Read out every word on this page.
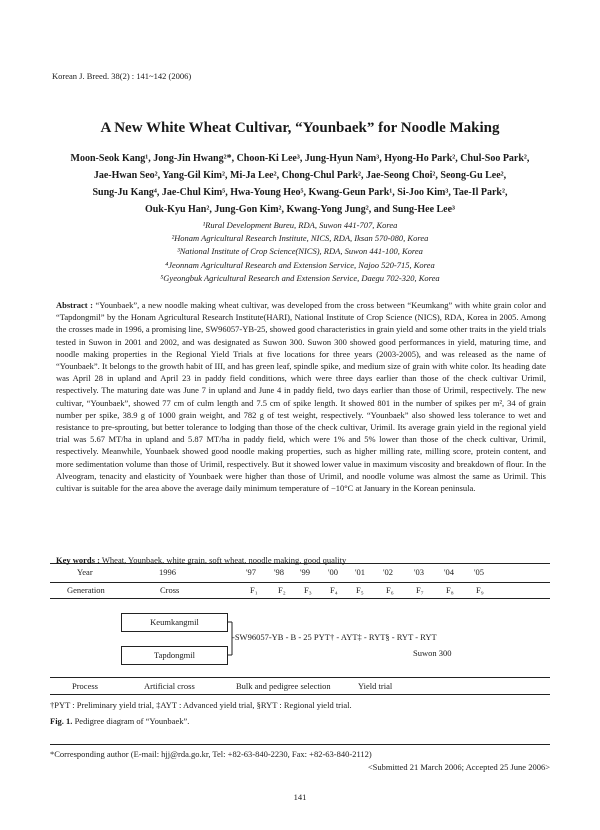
Korean J. Breed. 38(2) : 141~142 (2006)
A New White Wheat Cultivar, “Younbaek” for Noodle Making
Moon-Seok Kang¹, Jong-Jin Hwang²*, Choon-Ki Lee³, Jung-Hyun Nam³, Hyong-Ho Park², Chul-Soo Park²,
Jae-Hwan Seo², Yang-Gil Kim², Mi-Ja Lee², Chong-Chul Park², Jae-Seong Choi², Seong-Gu Lee²,
Sung-Ju Kang⁴, Jae-Chul Kim⁵, Hwa-Young Heo⁵, Kwang-Geun Park¹, Si-Joo Kim³, Tae-Il Park²,
Ouk-Kyu Han², Jung-Gon Kim², Kwang-Yong Jung², and Sung-Hee Lee³
¹Rural Development Bureu, RDA, Suwon 441-707, Korea
²Honam Agricultural Research Institute, NICS, RDA, Iksan 570-080, Korea
³National Institute of Crop Science(NICS), RDA, Suwon 441-100, Korea
⁴Jeonnam Agricultural Research and Extension Service, Najoo 520-715, Korea
⁵Gyeongbuk Agricultural Research and Extension Service, Daegu 702-320, Korea
Abstract : “Younbaek”, a new noodle making wheat cultivar, was developed from the cross between “Keumkang” with white grain color and “Tapdongmil” by the Honam Agricultural Research Institute(HARI), National Institute of Crop Science (NICS), RDA, Korea in 2005. Among the crosses made in 1996, a promising line, SW96057-YB-25, showed good characteristics in grain yield and some other traits in the yield trials tested in Suwon in 2001 and 2002, and was designated as Suwon 300. Suwon 300 showed good performances in yield, maturing time, and noodle making properties in the Regional Yield Trials at five locations for three years (2003-2005), and was released as the name of “Younbaek”. It belongs to the growth habit of III, and has green leaf, spindle spike, and medium size of grain with white color. Its heading date was April 28 in upland and April 23 in paddy field conditions, which were three days earlier than those of the check cultivar Urimil, respectively. The maturing date was June 7 in upland and June 4 in paddy field, two days earlier than those of Urimil, respectively. The new cultivar, “Younbaek”, showed 77 cm of culm length and 7.5 cm of spike length. It showed 801 in the number of spikes per m², 34 of grain number per spike, 38.9 g of 1000 grain weight, and 782 g of test weight, respectively. “Younbaek” also showed less tolerance to wet and resistance to pre-sprouting, but better tolerance to lodging than those of the check cultivar, Urimil. Its average grain yield in the regional yield trial was 5.67 MT/ha in upland and 5.87 MT/ha in paddy field, which were 1% and 5% lower than those of the check cultivar, Urimil, respectively. Meanwhile, Younbaek showed good noodle making properties, such as higher milling rate, milling score, protein content, and more sedimentation volume than those of Urimil, respectively. But it showed lower value in maximum viscosity and breakdown of flour. In the Alveogram, tenacity and elasticity of Younbaek were higher than those of Urimil, and noodle volume was almost the same as Urimil. This cultivar is suitable for the area above the average daily minimum temperature of −10°C at January in the Korean peninsula.
Key words : Wheat, Younbaek, white grain, soft wheat, noodle making, good quality
Year	1996	'97 '98 '99 '00 '01 '02 '03 '04 '05
Generation	Cross	F₁ F₂ F₃ F₄ F₅	F₆	F₇	F₈	F₉
Keumkangmil
Tapdongmil
-SW96057-YB - B - 25 PYT† - AYT‡ - RYT§ - RYT - RYT
Suwon 300
Process	Artificial cross	Bulk and pedigree selection	Yield trial
†PYT : Preliminary yield trial, ‡AYT : Advanced yield trial, §RYT : Regional yield trial.
Fig. 1. Pedigree diagram of “Younbaek”.
*Corresponding author (E-mail: hjj@rda.go.kr, Tel: +82-63-840-2230, Fax: +82-63-840-2112)
<Submitted 21 March 2006; Accepted 25 June 2006>
141
